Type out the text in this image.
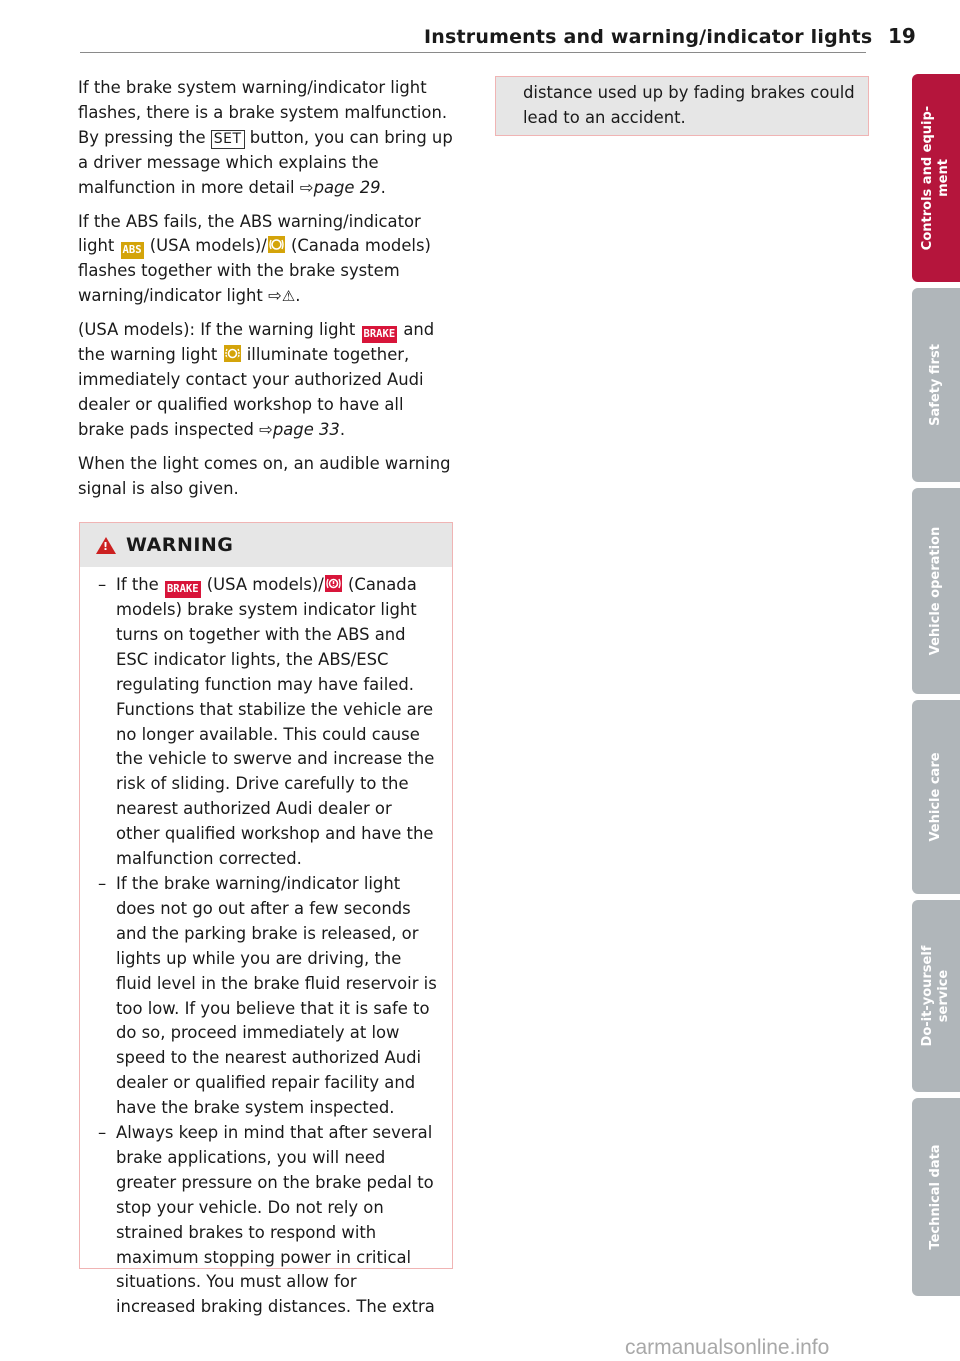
Instruments and warning/indicator lights 19

If the brake system warning/indicator light flashes, there is a brake system malfunction. By pressing the SET button, you can bring up a driver message which explains the malfunction in more detail ⇨page 29.

If the ABS fails, the ABS warning/indicator light ABS (USA models)/ (Canada models) flashes together with the brake system warning/indicator light ⇨⚠.

(USA models): If the warning light BRAKE and the warning light  illuminate together, immediately contact your authorized Audi dealer or qualified workshop to have all brake pads inspected ⇨page 33.

When the light comes on, an audible warning signal is also given.

! WARNING
– If the BRAKE (USA models)/ (Canada models) brake system indicator light turns on together with the ABS and ESC indicator lights, the ABS/ESC regulating function may have failed. Functions that stabilize the vehicle are no longer available. This could cause the vehicle to swerve and increase the risk of sliding. Drive carefully to the nearest authorized Audi dealer or other qualified workshop and have the malfunction corrected.
– If the brake warning/indicator light does not go out after a few seconds and the parking brake is released, or lights up while you are driving, the fluid level in the brake fluid reservoir is too low. If you believe that it is safe to do so, proceed immediately at low speed to the nearest authorized Audi dealer or qualified repair facility and have the brake system inspected.
– Always keep in mind that after several brake applications, you will need greater pressure on the brake pedal to stop your vehicle. Do not rely on strained brakes to respond with maximum stopping power in critical situations. You must allow for increased braking distances. The extra

distance used up by fading brakes could lead to an accident.

Controls and equip-
ment
Safety first
Vehicle operation
Vehicle care
Do-it-yourself
service
Technical data
carmanualsonline.info
